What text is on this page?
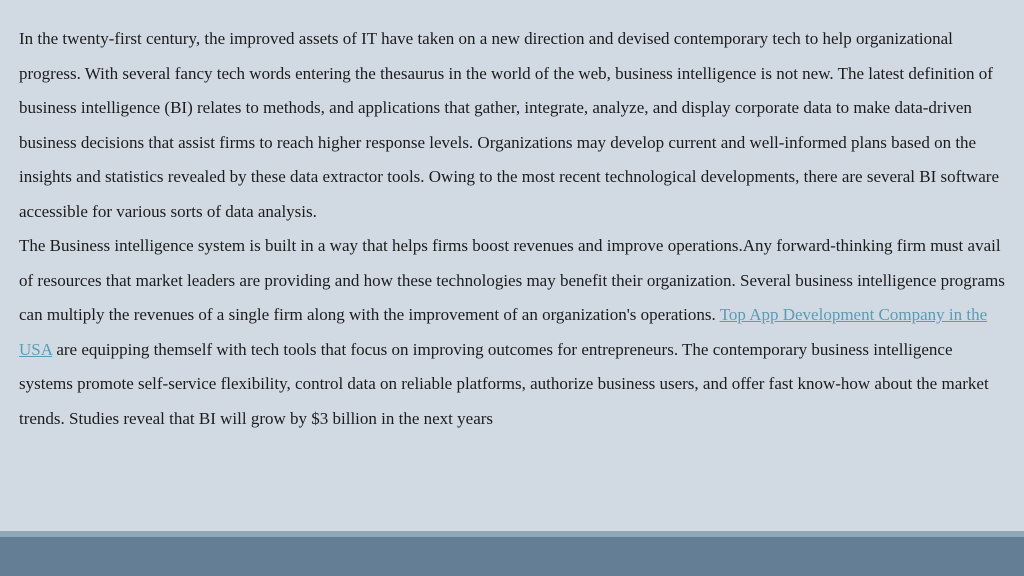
In the twenty-first century, the improved assets of IT have taken on a new direction and devised contemporary tech to help organizational progress. With several fancy tech words entering the thesaurus in the world of the web, business intelligence is not new. The latest definition of business intelligence (BI) relates to methods, and applications that gather, integrate, analyze, and display corporate data to make data-driven business decisions that assist firms to reach higher response levels. Organizations may develop current and well-informed plans based on the insights and statistics revealed by these data extractor tools. Owing to the most recent technological developments, there are several BI software accessible for various sorts of data analysis.

The Business intelligence system is built in a way that helps firms boost revenues and improve operations.Any forward-thinking firm must avail of resources that market leaders are providing and how these technologies may benefit their organization. Several business intelligence programs can multiply the revenues of a single firm along with the improvement of an organization's operations. Top App Development Company in the USA are equipping themself with tech tools that focus on improving outcomes for entrepreneurs. The contemporary business intelligence systems promote self-service flexibility, control data on reliable platforms, authorize business users, and offer fast know-how about the market trends. Studies reveal that BI will grow by $3 billion in the next years
